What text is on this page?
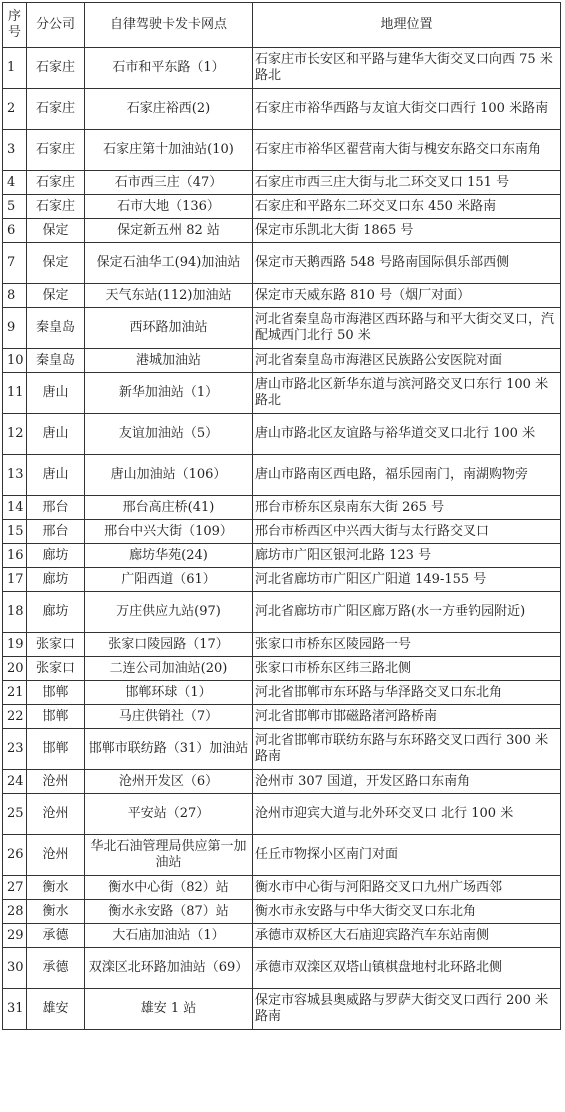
序号	分公司	自律驾驶卡发卡网点	地理位置
1	石家庄	石市和平东路（1）	石家庄市长安区和平路与建华大街交叉口向西 75 米路北
2	石家庄	石家庄裕西(2)	石家庄市裕华西路与友谊大街交口西行 100 米路南
3	石家庄	石家庄第十加油站(10)	石家庄市裕华区翟营南大街与槐安东路交口东南角
4	石家庄	石市西三庄（47）	石家庄市西三庄大街与北二环交叉口 151 号
5	石家庄	石市大地（136）	石家庄和平路东二环交叉口东 450 米路南
6	保定	保定新五州 82 站	保定市乐凯北大街 1865 号
7	保定	保定石油华工(94)加油站	保定市天鹅西路 548 号路南国际俱乐部西侧
8	保定	天气东站(112)加油站	保定市天威东路 810 号（烟厂对面）
9	秦皇岛	西环路加油站	河北省秦皇岛市海港区西环路与和平大街交叉口，汽配城西门北行 50 米
10	秦皇岛	港城加油站	河北省秦皇岛市海港区民族路公安医院对面
11	唐山	新华加油站（1）	唐山市路北区新华东道与滨河路交叉口东行 100 米路北
12	唐山	友谊加油站（5）	唐山市路北区友谊路与裕华道交叉口北行 100 米
13	唐山	唐山加油站（106）	唐山市路南区西电路，福乐园南门，南湖购物旁
14	邢台	邢台高庄桥(41)	邢台市桥东区泉南东大街 265 号
15	邢台	邢台中兴大街（109）	邢台市桥西区中兴西大街与太行路交叉口
16	廊坊	廊坊华苑(24)	廊坊市广阳区银河北路 123 号
17	廊坊	广阳西道（61）	河北省廊坊市广阳区广阳道 149-155 号
18	廊坊	万庄供应九站(97)	河北省廊坊市广阳区廊万路(水一方垂钓园附近)
19	张家口	张家口陵园路（17）	张家口市桥东区陵园路一号
20	张家口	二连公司加油站(20)	张家口市桥东区纬三路北侧
21	邯郸	邯郸环球（1）	河北省邯郸市东环路与华泽路交叉口东北角
22	邯郸	马庄供销社（7）	河北省邯郸市邯磁路渚河路桥南
23	邯郸	邯郸市联纺路（31）加油站	河北省邯郸市联纺东路与东环路交叉口西行 300 米路南
24	沧州	沧州开发区（6）	沧州市 307 国道，开发区路口东南角
25	沧州	平安站（27）	沧州市迎宾大道与北外环交叉口 北行 100 米
26	沧州	华北石油管理局供应第一加油站	任丘市物探小区南门对面
27	衡水	衡水中心街（82）站	衡水市中心街与河阳路交叉口九州广场西邻
28	衡水	衡水永安路（87）站	衡水市永安路与中华大街交叉口东北角
29	承德	大石庙加油站（1）	承德市双桥区大石庙迎宾路汽车东站南侧
30	承德	双滦区北环路加油站（69）	承德市双滦区双塔山镇棋盘地村北环路北侧
31	雄安	雄安 1 站	保定市容城县奥威路与罗萨大街交叉口西行 200 米路南
